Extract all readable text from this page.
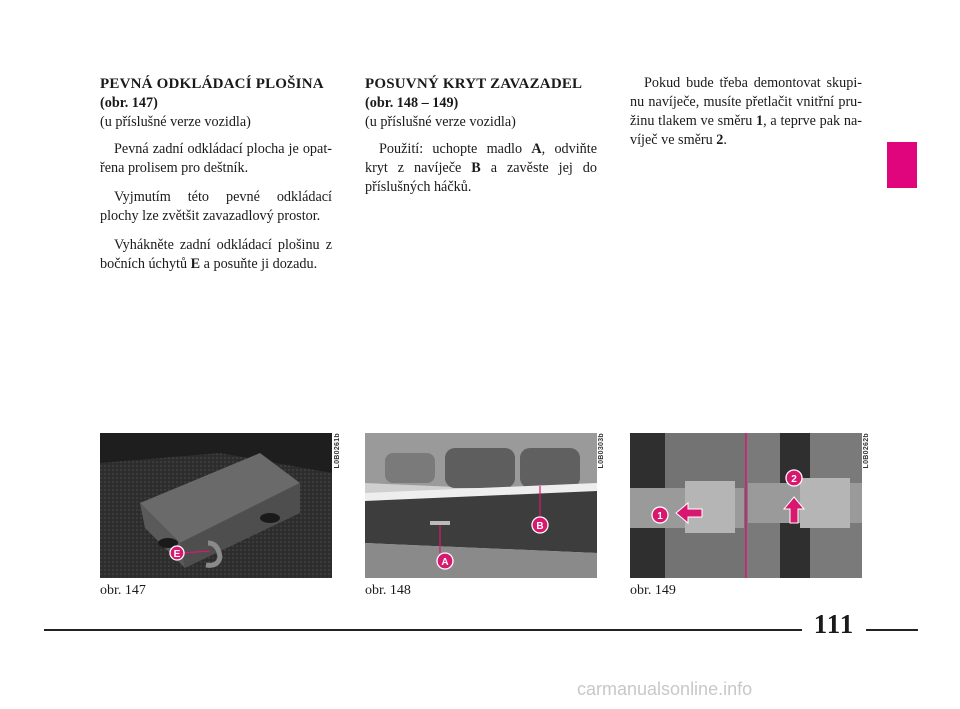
PEVNÁ ODKLÁDACÍ PLOŠINA
(obr. 147)
(u příslušné verze vozidla)

Pevná zadní odkládací plocha je opat-řena prolisem pro deštník.

Vyjmutím této pevné odkládací plochy lze zvětšit zavazadlový prostor.

Vyhákněte zadní odkládací plošinu z bočních úchytů E a posuňte ji dozadu.

POSUVNÝ KRYT ZAVAZADEL
(obr. 148 – 149)
(u příslušné verze vozidla)

Použití: uchopte madlo A, odviňte kryt z navíječe B a zavěste jej do příslušných háčků.

Pokud bude třeba demontovat skupi-nu navíječe, musíte přetlačit vnitřní pru-žinu tlakem ve směru 1, a teprve pak na-víječ ve směru 2.

E
L0B0261b
obr. 147
B
A
L0B0303b
obr. 148
1
2
L0B0262b
obr. 149
111
carmanualsonline.info
